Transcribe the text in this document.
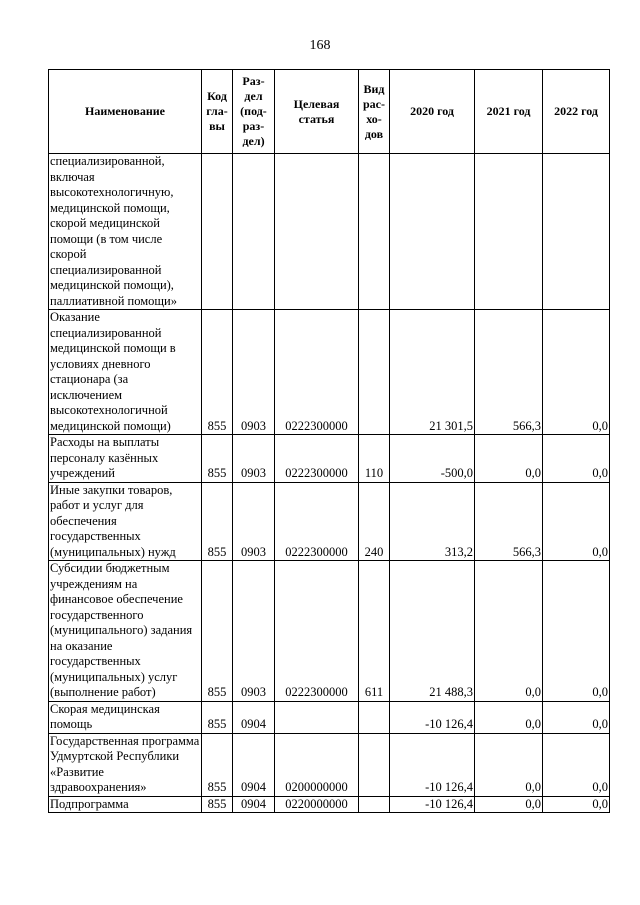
168
Наименование	Код гла-вы	Раз-дел (под-раз-дел)	Целевая статья	Вид рас-хо-дов	2020 год	2021 год	2022 год
специализированной, включая высокотехнологичную, медицинской помощи, скорой медицинской помощи (в том числе скорой специализированной медицинской помощи), паллиативной помощи»							
Оказание специализированной медицинской помощи в условиях дневного стационара (за исключением высокотехнологичной медицинской помощи)	855	0903	0222300000		21 301,5	566,3	0,0
Расходы на выплаты персоналу казённых учреждений	855	0903	0222300000	110	-500,0	0,0	0,0
Иные закупки товаров, работ и услуг для обеспечения государственных (муниципальных) нужд	855	0903	0222300000	240	313,2	566,3	0,0
Субсидии бюджетным учреждениям на финансовое обеспечение государственного (муниципального) задания на оказание государственных (муниципальных) услуг (выполнение работ)	855	0903	0222300000	611	21 488,3	0,0	0,0
Скорая медицинская помощь	855	0904			-10 126,4	0,0	0,0
Государственная программа Удмуртской Республики «Развитие здравоохранения»	855	0904	0200000000		-10 126,4	0,0	0,0
Подпрограмма	855	0904	0220000000		-10 126,4	0,0	0,0
